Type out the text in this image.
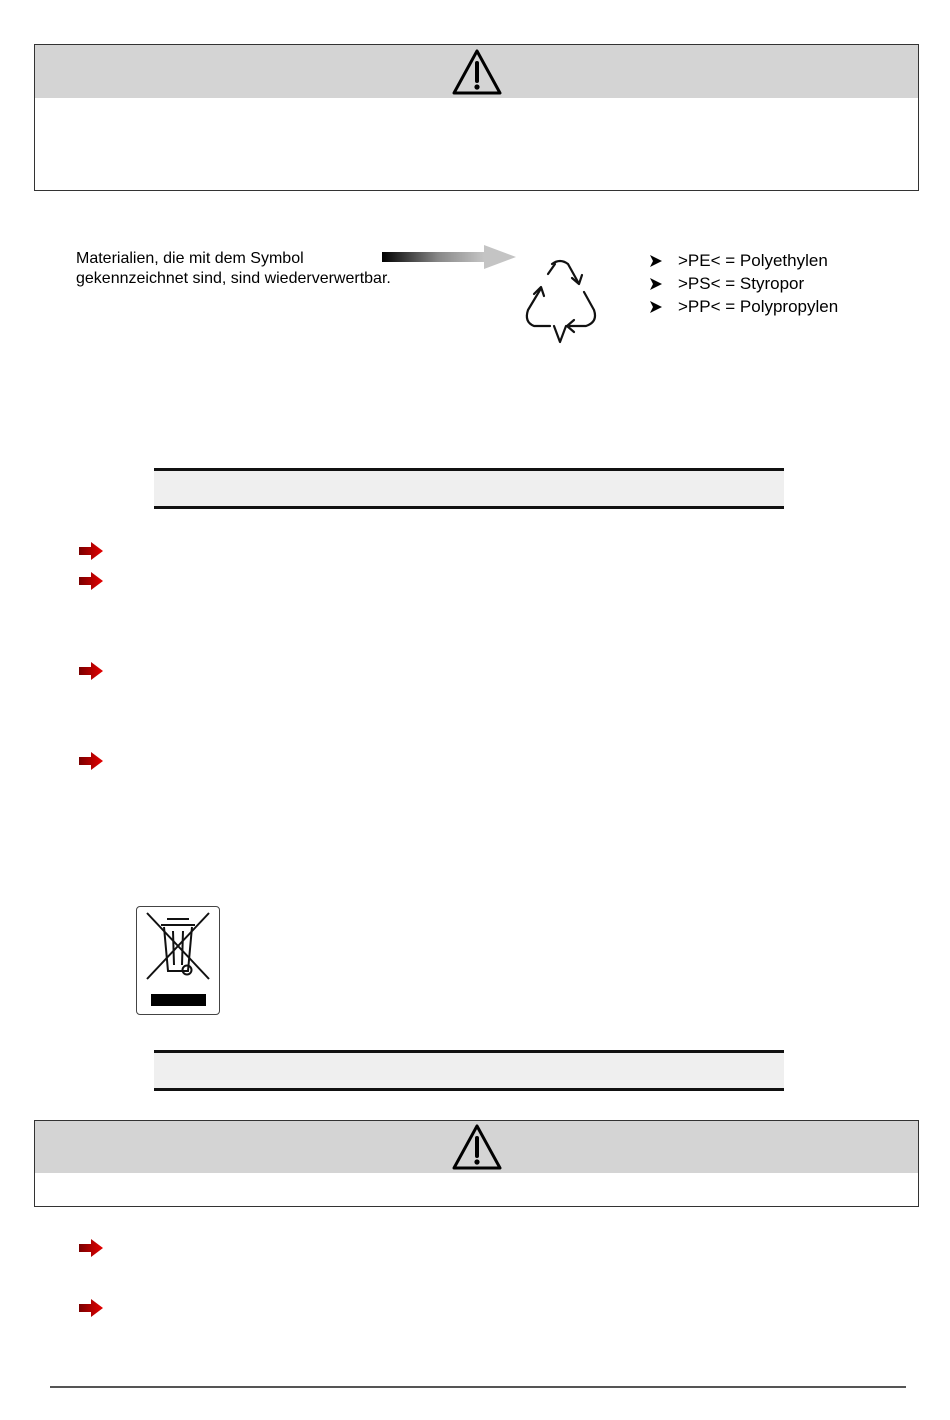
Materialien, die mit dem Symbol
gekennzeichnet sind, sind wiederverwertbar.
>PE< = Polyethylen
>PS< = Styropor
>PP< = Polypropylen
